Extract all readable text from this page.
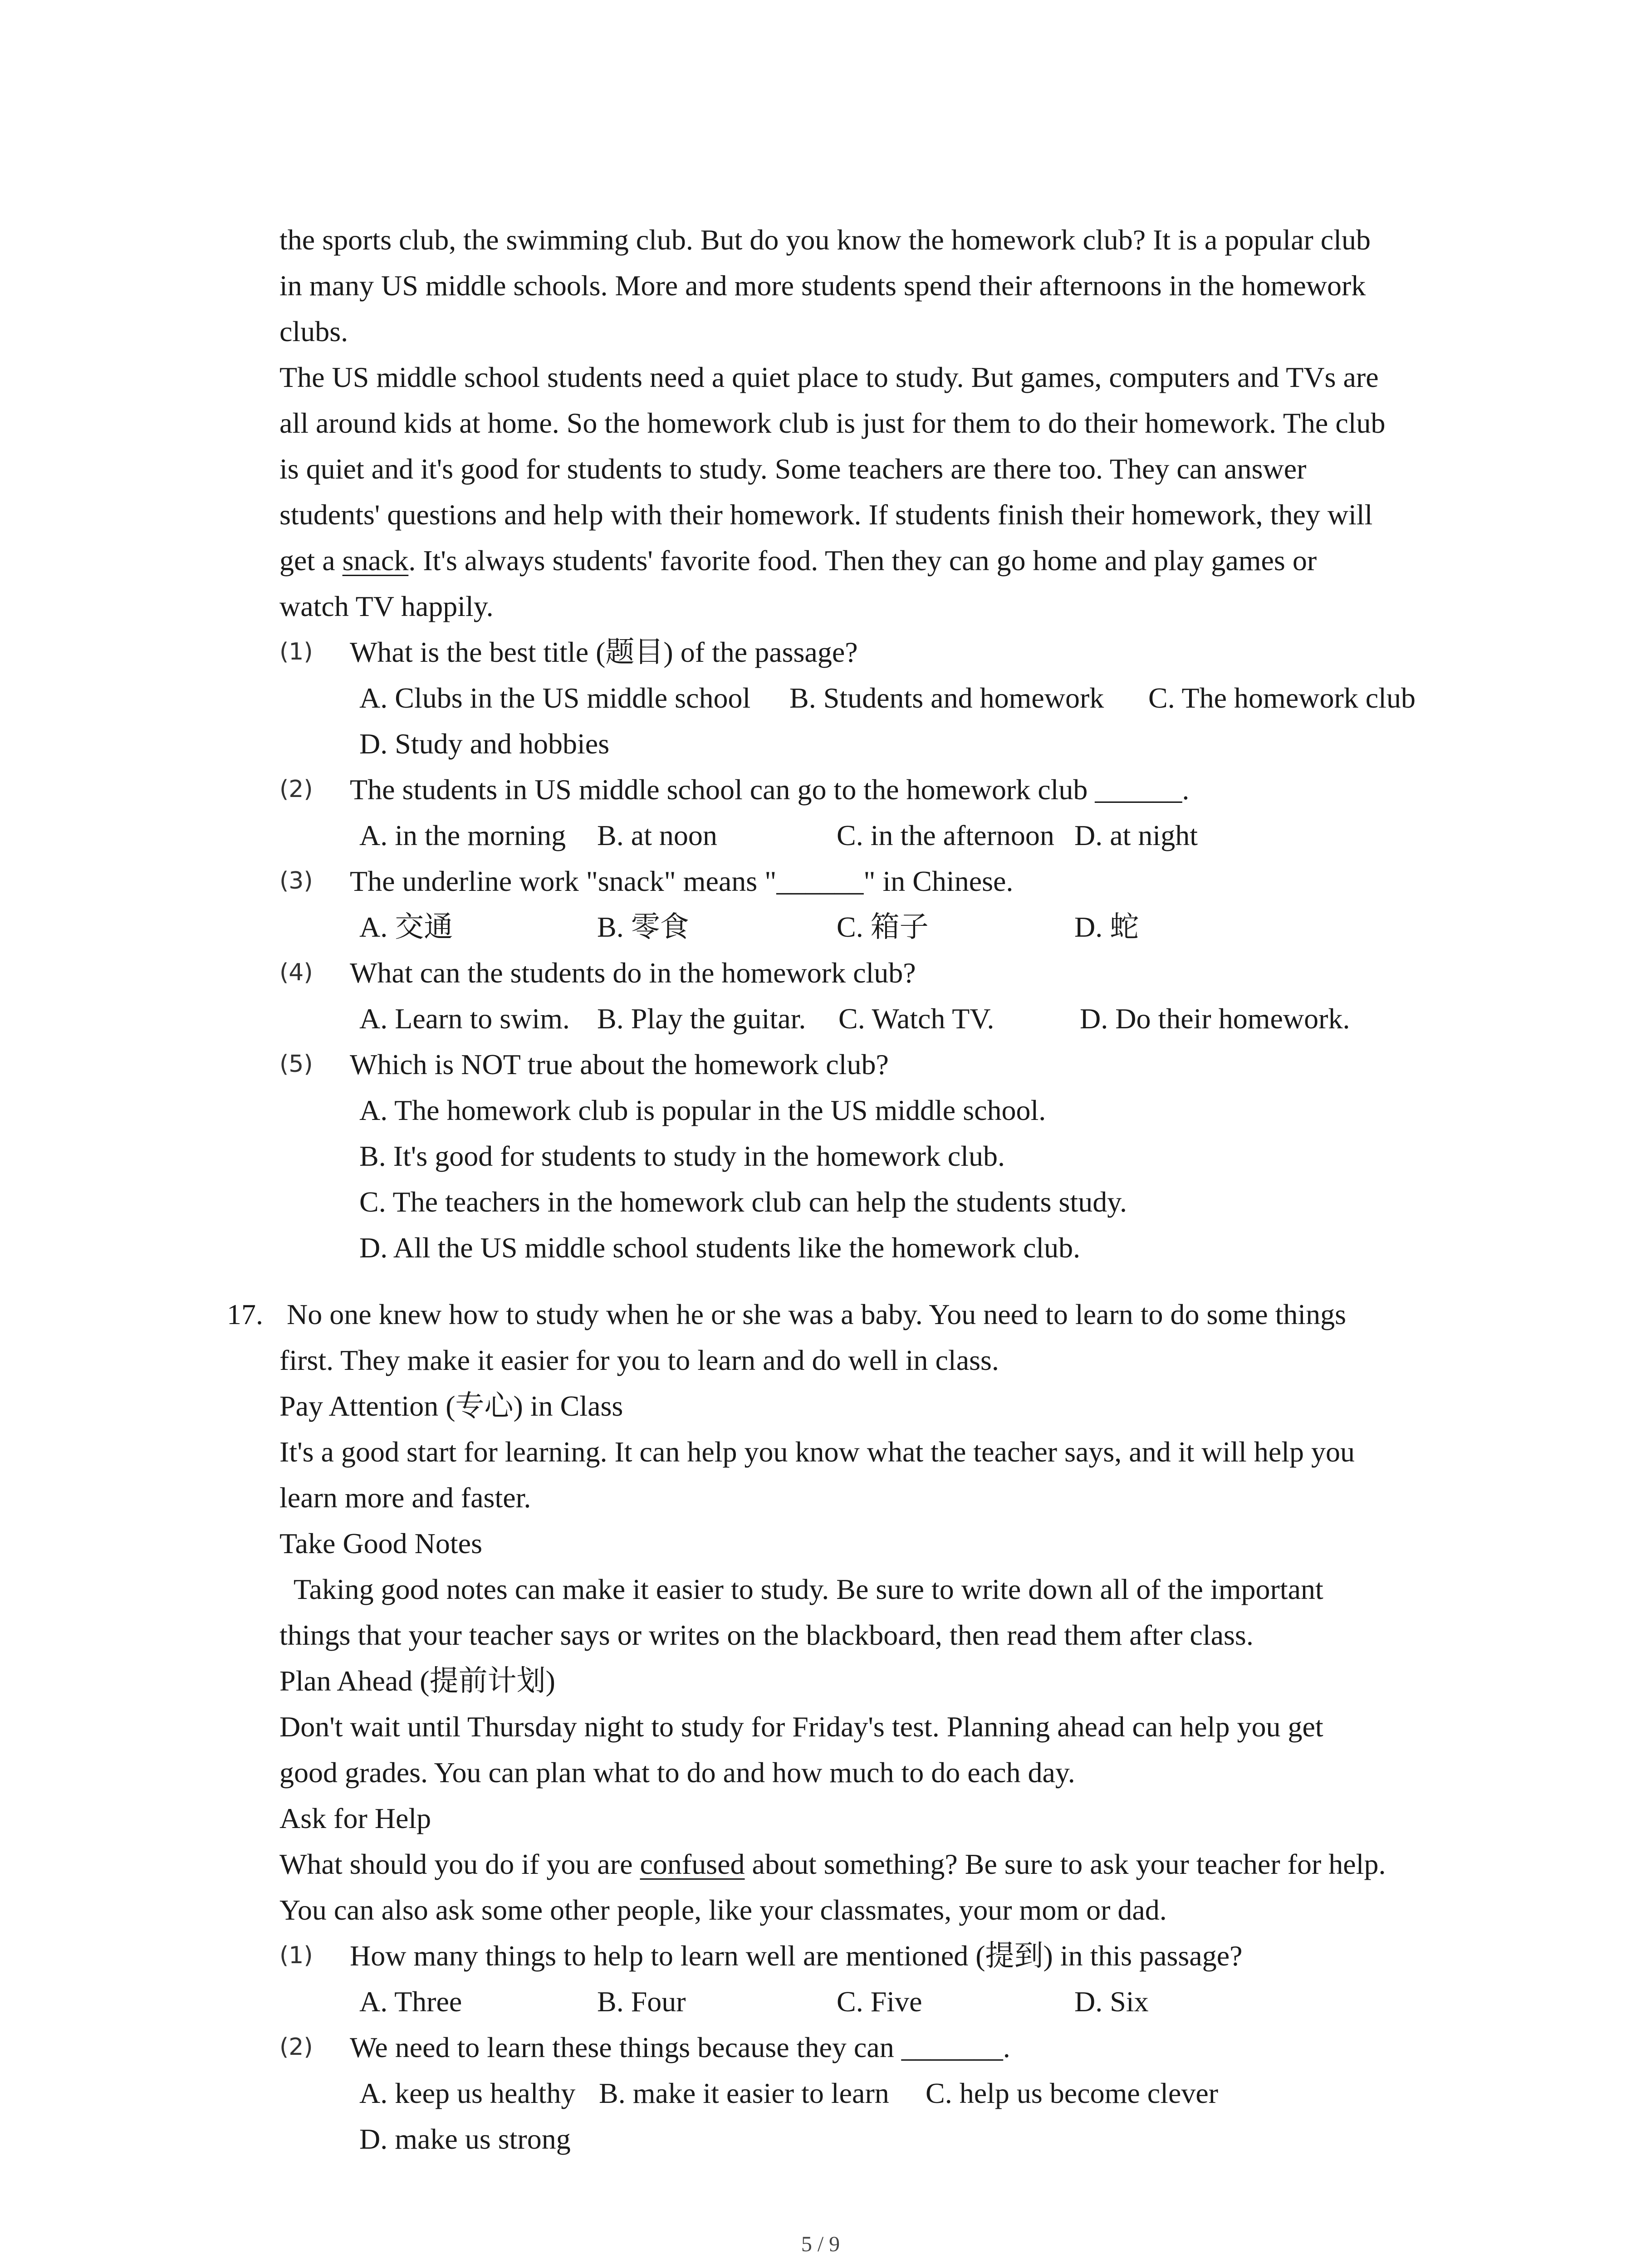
the sports club, the swimming club. But do you know the homework club? It is a popular club
in many US middle schools. More and more students spend their afternoons in the homework
clubs.
The US middle school students need a quiet place to study. But games, computers and TVs are
all around kids at home. So the homework club is just for them to do their homework. The club
is quiet and it's good for students to study. Some teachers are there too. They can answer
students' questions and help with their homework. If students finish their homework, they will
get a snack. It's always students' favorite food. Then they can go home and play games or
watch TV happily.
(1) What is the best title (题目) of the passage?
A. Clubs in the US middle school B. Students and homework C. The homework club
D. Study and hobbies
(2) The students in US middle school can go to the homework club ______.
A. in the morning B. at noon	C. in the afternoon D. at night
(3) The underline work "snack" means "______" in Chinese.
A. 交通	B. 零食	C. 箱子	D. 蛇
(4) What can the students do in the homework club?
A. Learn to swim. B. Play the guitar. C. Watch TV.	D. Do their homework.
(5) Which is NOT true about the homework club?
A. The homework club is popular in the US middle school.
B. It's good for students to study in the homework club.
C. The teachers in the homework club can help the students study.
D. All the US middle school students like the homework club.
17. No one knew how to study when he or she was a baby. You need to learn to do some things
first. They make it easier for you to learn and do well in class.
Pay Attention (专心) in Class
It's a good start for learning. It can help you know what the teacher says, and it will help you
learn more and faster.
Take Good Notes
Taking good notes can make it easier to study. Be sure to write down all of the important
things that your teacher says or writes on the blackboard, then read them after class.
Plan Ahead (提前计划)
Don't wait until Thursday night to study for Friday's test. Planning ahead can help you get
good grades. You can plan what to do and how much to do each day.
Ask for Help
What should you do if you are confused about something? Be sure to ask your teacher for help.
You can also ask some other people, like your classmates, your mom or dad.
(1) How many things to help to learn well are mentioned (提到) in this passage?
A. Three	B. Four	C. Five	D. Six
(2) We need to learn these things because they can _______.
A. keep us healthy B. make it easier to learn C. help us become clever
D. make us strong
5 / 9
